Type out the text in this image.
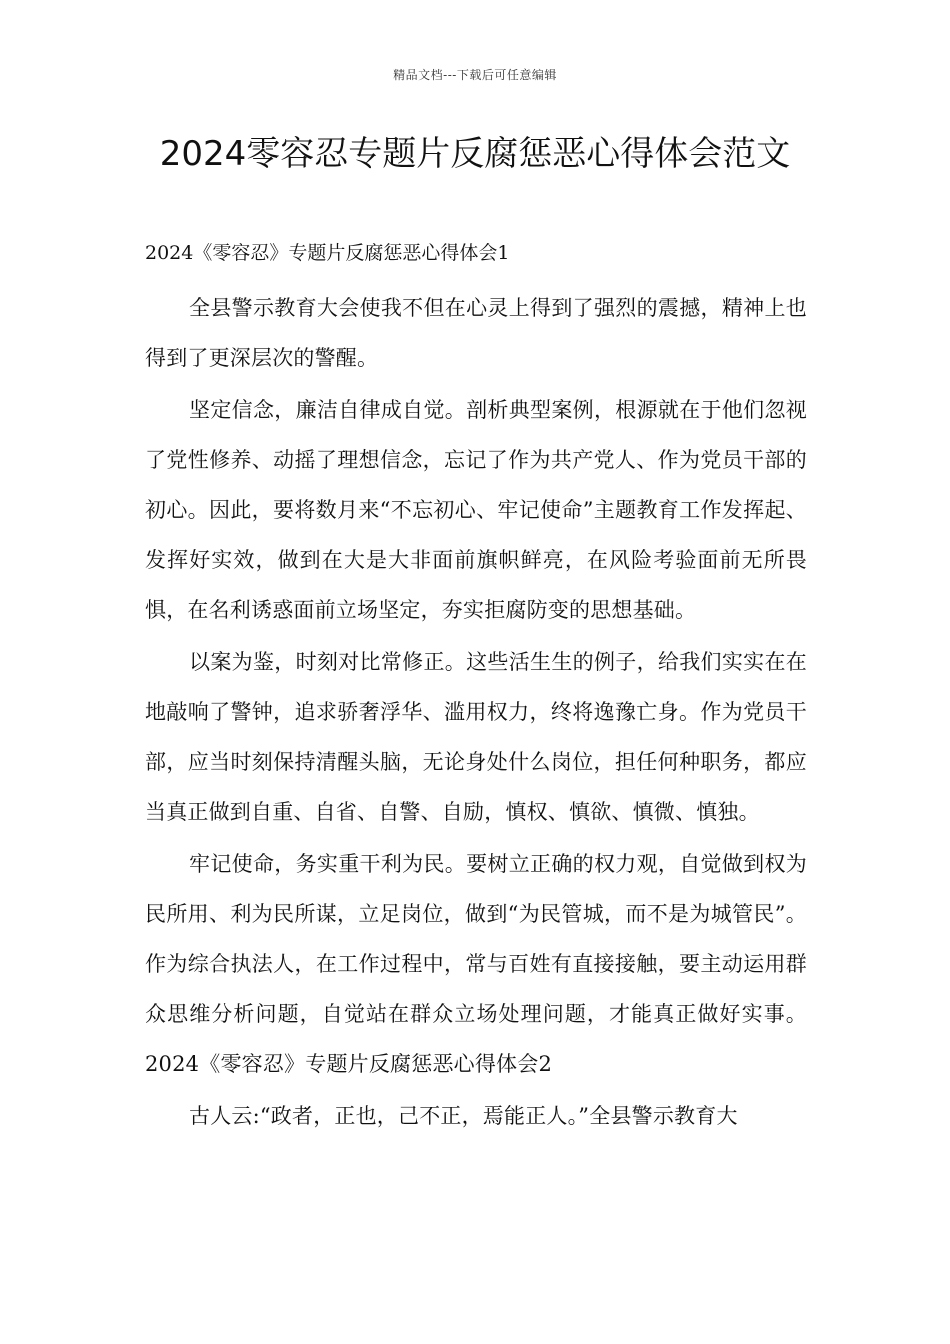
精品文档---下载后可任意编辑
2024零容忍专题片反腐惩恶心得体会范文
2024《零容忍》专题片反腐惩恶心得体会1

全县警示教育大会使我不但在心灵上得到了强烈的震撼，精神上也得到了更深层次的警醒。

坚定信念，廉洁自律成自觉。剖析典型案例，根源就在于他们忽视了党性修养、动摇了理想信念，忘记了作为共产党人、作为党员干部的初心。因此，要将数月来“不忘初心、牢记使命”主题教育工作发挥起、发挥好实效，做到在大是大非面前旗帜鲜亮，在风险考验面前无所畏惧，在名利诱惑面前立场坚定，夯实拒腐防变的思想基础。

以案为鉴，时刻对比常修正。这些活生生的例子，给我们实实在在地敲响了警钟，追求骄奢浮华、滥用权力，终将逸豫亡身。作为党员干部，应当时刻保持清醒头脑，无论身处什么岗位，担任何种职务，都应当真正做到自重、自省、自警、自励，慎权、慎欲、慎微、慎独。

牢记使命，务实重干利为民。要树立正确的权力观，自觉做到权为民所用、利为民所谋，立足岗位，做到“为民管城，而不是为城管民”。作为综合执法人，在工作过程中，常与百姓有直接接触，要主动运用群众思维分析问题，自觉站在群众立场处理问题，才能真正做好实事。2024《零容忍》专题片反腐惩恶心得体会2

古人云:“政者，正也，己不正，焉能正人。”全县警示教育大
